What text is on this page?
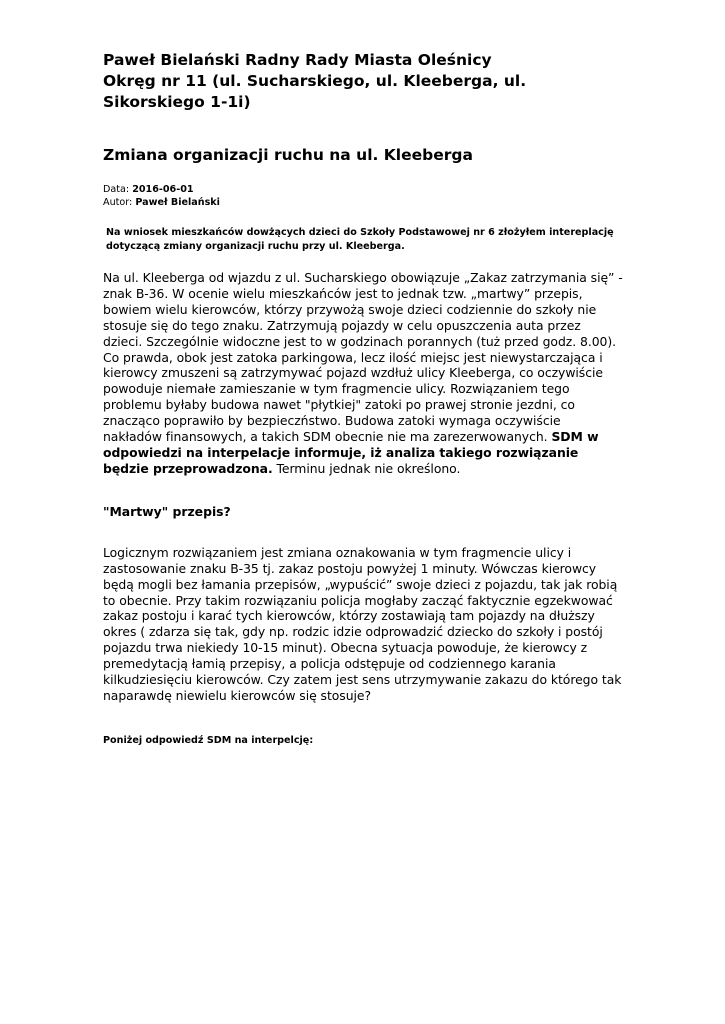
Paweł Bielański Radny Rady Miasta Oleśnicy
Okręg nr 11 (ul. Sucharskiego, ul. Kleeberga, ul. Sikorskiego 1-1i)
Zmiana organizacji ruchu na ul. Kleeberga
Data: 2016-06-01
Autor: Paweł Bielański
Na wniosek mieszkańców dowżących dzieci do Szkoły Podstawowej nr 6 złożyłem intereplację dotyczącą zmiany organizacji ruchu przy ul. Kleeberga.
Na ul. Kleeberga od wjazdu z ul. Sucharskiego obowiązuje „Zakaz zatrzymania się” - znak B-36. W ocenie wielu mieszkańców jest to jednak tzw. „martwy” przepis, bowiem wielu kierowców, którzy przywożą swoje dzieci codziennie do szkoły nie stosuje się do tego znaku. Zatrzymują pojazdy w celu opuszczenia auta przez dzieci. Szczególnie widoczne jest to w godzinach porannych (tuż przed godz. 8.00). Co prawda, obok jest zatoka parkingowa, lecz ilość miejsc jest niewystarczająca i kierowcy zmuszeni są zatrzymywać pojazd wzdłuż ulicy Kleeberga, co oczywiście powoduje niemałe zamieszanie w tym fragmencie ulicy. Rozwiązaniem tego problemu byłaby budowa nawet "płytkiej" zatoki po prawej stronie jezdni, co znacząco poprawiło by bezpieczństwo. Budowa zatoki wymaga oczywiście nakładów finansowych, a takich SDM obecnie nie ma zarezerwowanych. SDM w odpowiedzi na interpelacje informuje, iż analiza takiego rozwiązanie będzie przeprowadzona. Terminu jednak nie określono.
"Martwy" przepis?
Logicznym rozwiązaniem jest zmiana oznakowania w tym fragmencie ulicy i zastosowanie znaku B-35 tj. zakaz postoju powyżej 1 minuty. Wówczas kierowcy będą mogli bez łamania przepisów, „wypuścić” swoje dzieci z pojazdu, tak jak robią to obecnie. Przy takim rozwiązaniu policja mogłaby zacząć faktycznie egzekwować zakaz postoju i karać tych kierowców, którzy zostawiają tam pojazdy na dłuższy okres ( zdarza się tak, gdy np. rodzic idzie odprowadzić dziecko do szkoły i postój pojazdu trwa niekiedy 10-15 minut). Obecna sytuacja powoduje, że kierowcy z premedytacją łamią przepisy, a policja odstępuje od codziennego karania kilkudziesięciu kierowców. Czy zatem jest sens utrzymywanie zakazu do którego tak naparawdę niewielu kierowców się stosuje?
Poniżej odpowiedź SDM na interpelcję:
